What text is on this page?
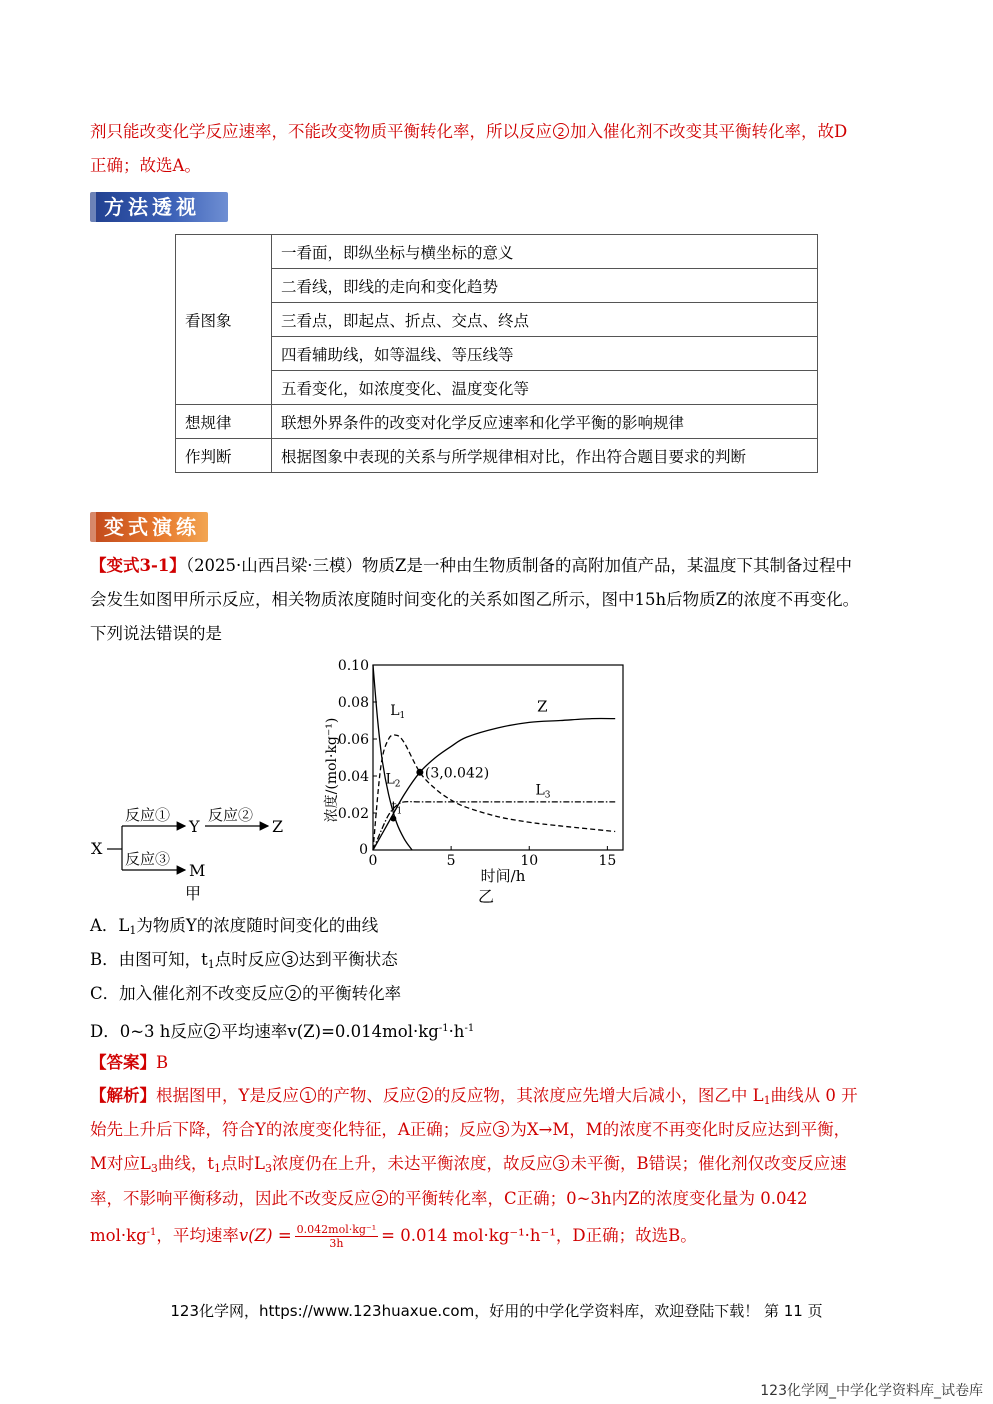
剂只能改变化学反应速率，不能改变物质平衡转化率，所以反应 2 加入催化剂不改变其平衡转化率，故D
正确；故选A。
方法透视
看图象	一看面，即纵坐标与横坐标的意义
	二看线，即线的走向和变化趋势
	三看点，即起点、折点、交点、终点
	四看辅助线，如等温线、等压线等
	五看变化，如浓度变化、温度变化等
想规律	联想外界条件的改变对化学反应速率和化学平衡的影响规律
作判断	根据图象中表现的关系与所学规律相对比，作出符合题目要求的判断
变式演练
【变式3-1】（2025·山西吕梁·三模）物质Z是一种由生物质制备的高附加值产品，某温度下其制备过程中
会发生如图甲所示反应，相关物质浓度随时间变化的关系如图乙所示，图中15h后物质Z的浓度不再变化。
下列说法错误的是
X
反应①
Y
反应②
Z
反应③
M
甲
0	5	10	15
0
0.02
0.04
0.06
0.08
0.10
浓度/(mol·kg⁻¹)
时间/h
乙
(3,0.042)
$t_1$
$L_1$
$L_2$	$L_3$
Z
A．$L_1$为物质Y的浓度随时间变化的曲线
B．由图可知，$t_1$点时反应 3 达到平衡状态
C．加入催化剂不改变反应 2 的平衡转化率
D．0~3 h反应 2 平均速率$v(Z)=0.014mol\cdot kg^{-1}\cdot h^{-1}$
【答案】B
【解析】根据图甲，Y是反应 1 的产物、反应 2 的反应物，其浓度应先增大后减小，图乙中 $L_1$曲线从 0 开
始先上升后下降，符合Y的浓度变化特征，A正确；反应 3 为X→M，M的浓度不再变化时反应达到平衡，
M对应$L_3$曲线，$t_1$点时$L_3$浓度仍在上升，未达平衡浓度，故反应 3 未平衡，B错误；催化剂仅改变反应速
率，不影响平衡移动，因此不改变反应 2 的平衡转化率，C正确；0~3h内Z的浓度变化量为 0.042
$mol\cdot kg^{-1}$，平均速率$v(Z) = \frac{\text{0.042mol·kg⁻¹}}{3h} = 0.014$ mol·kg⁻¹·h⁻¹，D正确；故选B。
123化学网，https://www.123huaxue.com，好用的中学化学资料库，欢迎登陆下载！ 第 11 页
123化学网_中学化学资料库_试卷库
